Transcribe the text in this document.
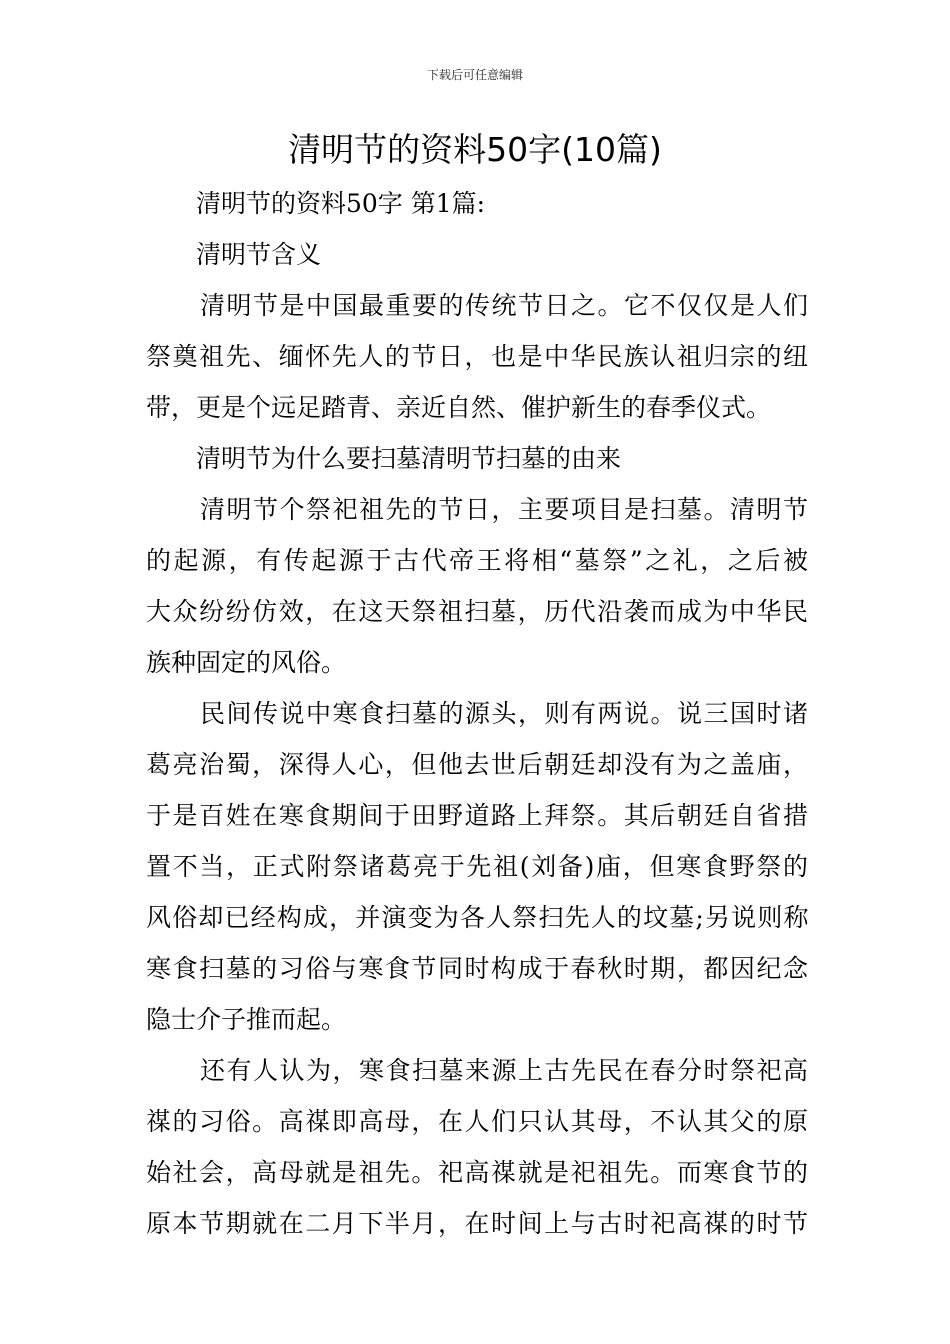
下载后可任意编辑
清明节的资料50字(10篇)
清明节的资料50字 第1篇:
清明节含义
清明节是中国最重要的传统节日之。它不仅仅是人们
祭奠祖先、缅怀先人的节日，也是中华民族认祖归宗的纽
带，更是个远足踏青、亲近自然、催护新生的春季仪式。
清明节为什么要扫墓清明节扫墓的由来
清明节个祭祀祖先的节日，主要项目是扫墓。清明节
的起源，有传起源于古代帝王将相“墓祭”之礼，之后被
大众纷纷仿效，在这天祭祖扫墓，历代沿袭而成为中华民
族种固定的风俗。
民间传说中寒食扫墓的源头，则有两说。说三国时诸
葛亮治蜀，深得人心，但他去世后朝廷却没有为之盖庙，
于是百姓在寒食期间于田野道路上拜祭。其后朝廷自省措
置不当，正式附祭诸葛亮于先祖(刘备)庙，但寒食野祭的
风俗却已经构成，并演变为各人祭扫先人的坟墓;另说则称
寒食扫墓的习俗与寒食节同时构成于春秋时期，都因纪念
隐士介子推而起。
还有人认为，寒食扫墓来源上古先民在春分时祭祀高
禖的习俗。高禖即高母，在人们只认其母，不认其父的原
始社会，高母就是祖先。祀高禖就是祀祖先。而寒食节的
原本节期就在二月下半月，在时间上与古时祀高禖的时节
